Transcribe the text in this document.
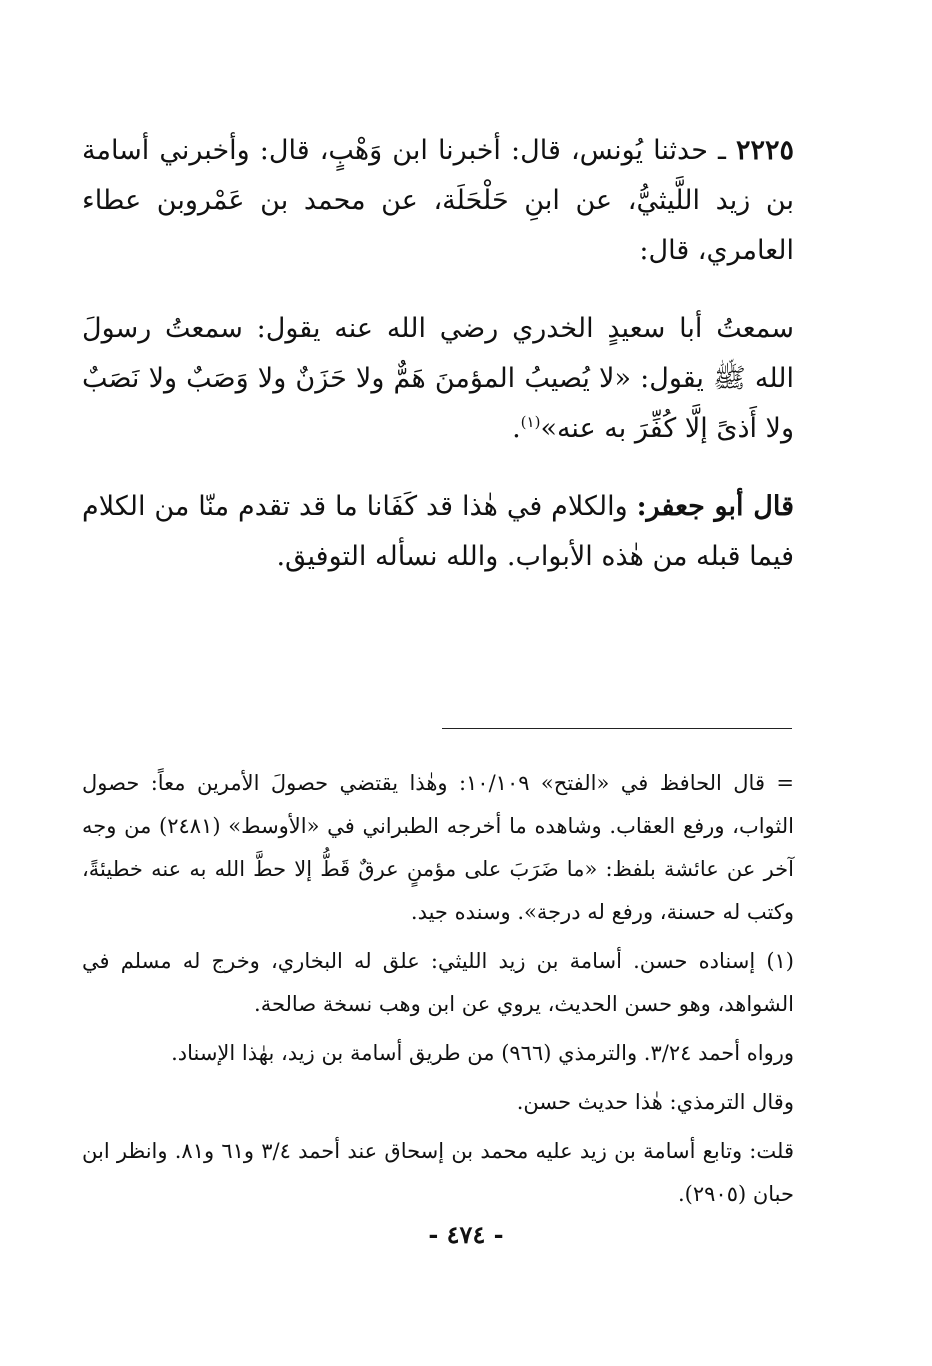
٢٢٢٥ ـ حدثنا يُونس، قال: أخبرنا ابن وَهْبٍ، قال: وأخبرني أسامة بن زيد اللَّيثيُّ، عن ابنِ حَلْحَلَة، عن محمد بن عَمْروبن عطاء العامري، قال:

سمعتُ أبا سعيدٍ الخدري رضي الله عنه يقول: سمعتُ رسولَ الله ﷺ يقول: «لا يُصيبُ المؤمنَ هَمٌّ ولا حَزَنٌ ولا وَصَبٌ ولا نَصَبٌ ولا أَذىً إلَّا كُفِّرَ به عنه»$^{(١)}$.

قال أبو جعفر: والكلام في هٰذا قد كَفَانا ما قد تقدم منّا من الكلام فيما قبله من هٰذه الأبواب. والله نسأله التوفيق.

= قال الحافظ في «الفتح» ١٠/١٠٩: وهٰذا يقتضي حصولَ الأمرين معاً: حصول الثواب، ورفع العقاب. وشاهده ما أخرجه الطبراني في «الأوسط» (٢٤٨١) من وجه آخر عن عائشة بلفظ: «ما ضَرَبَ على مؤمنٍ عرقٌ قَطُّ إلا حطَّ الله به عنه خطيئةً، وكتب له حسنة، ورفع له درجة». وسنده جيد.

(١) إسناده حسن. أسامة بن زيد الليثي: علق له البخاري، وخرج له مسلم في الشواهد، وهو حسن الحديث، يروي عن ابن وهب نسخة صالحة.

ورواه أحمد ٣/٢٤. والترمذي (٩٦٦) من طريق أسامة بن زيد، بهٰذا الإسناد.

وقال الترمذي: هٰذا حديث حسن.

قلت: وتابع أسامة بن زيد عليه محمد بن إسحاق عند أحمد ٣/٤ و٦١ و٨١. وانظر ابن حبان (٢٩٠٥).

- ٤٧٤ -
